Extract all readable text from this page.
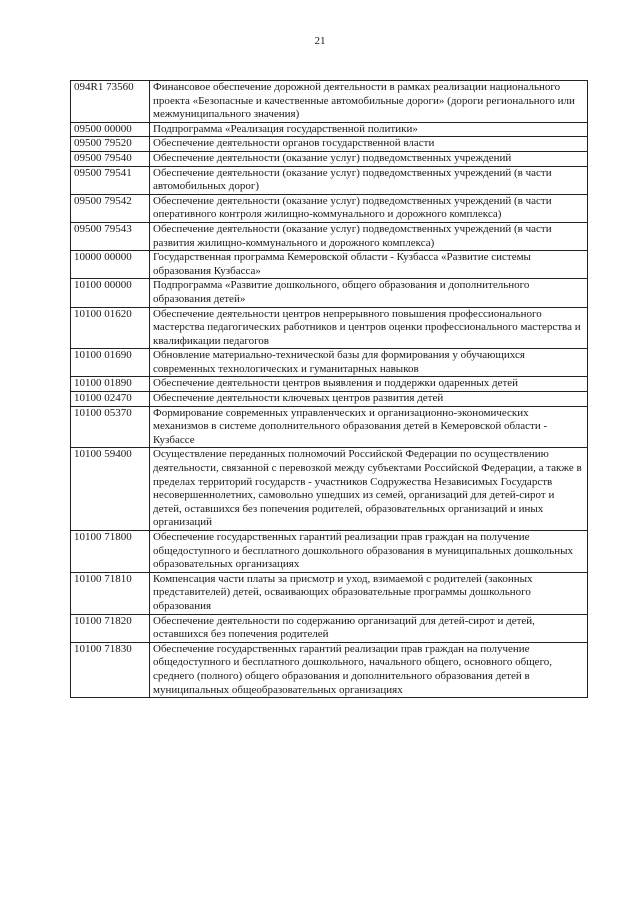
21
094R1 73560	Финансовое обеспечение дорожной деятельности в рамках реализации национального проекта «Безопасные и качественные автомобильные дороги» (дороги регионального или межмуниципального значения)
09500 00000	Подпрограмма «Реализация государственной политики»
09500 79520	Обеспечение деятельности органов государственной власти
09500 79540	Обеспечение деятельности (оказание услуг) подведомственных учреждений
09500 79541	Обеспечение деятельности (оказание услуг) подведомственных учреждений (в части автомобильных дорог)
09500 79542	Обеспечение деятельности (оказание услуг) подведомственных учреждений (в части оперативного контроля жилищно-коммунального и дорожного комплекса)
09500 79543	Обеспечение деятельности (оказание услуг) подведомственных учреждений (в части развития жилищно-коммунального и дорожного комплекса)
10000 00000	Государственная программа Кемеровской области - Кузбасса «Развитие системы образования Кузбасса»
10100 00000	Подпрограмма «Развитие дошкольного, общего образования и дополнительного образования детей»
10100 01620	Обеспечение деятельности центров непрерывного повышения профессионального мастерства педагогических работников и центров оценки профессионального мастерства и квалификации педагогов
10100 01690	Обновление материально-технической базы для формирования у обучающихся современных технологических и гуманитарных навыков
10100 01890	Обеспечение деятельности центров выявления и поддержки одаренных детей
10100 02470	Обеспечение деятельности ключевых центров развития детей
10100 05370	Формирование современных управленческих и организационно-экономических механизмов в системе дополнительного образования детей в Кемеровской области - Кузбассе
10100 59400	Осуществление переданных полномочий Российской Федерации по осуществлению деятельности, связанной с перевозкой между субъектами Российской Федерации, а также в пределах территорий государств - участников Содружества Независимых Государств несовершеннолетних, самовольно ушедших из семей, организаций для детей-сирот и детей, оставшихся без попечения родителей, образовательных организаций и иных организаций
10100 71800	Обеспечение государственных гарантий реализации прав граждан на получение общедоступного и бесплатного дошкольного образования в муниципальных дошкольных образовательных организациях
10100 71810	Компенсация части платы за присмотр и уход, взимаемой с родителей (законных представителей) детей, осваивающих образовательные программы дошкольного образования
10100 71820	Обеспечение деятельности по содержанию организаций для детей-сирот и детей, оставшихся без попечения родителей
10100 71830	Обеспечение государственных гарантий реализации прав граждан на получение общедоступного и бесплатного дошкольного, начального общего, основного общего, среднего (полного) общего образования и дополнительного образования детей в муниципальных общеобразовательных организациях
